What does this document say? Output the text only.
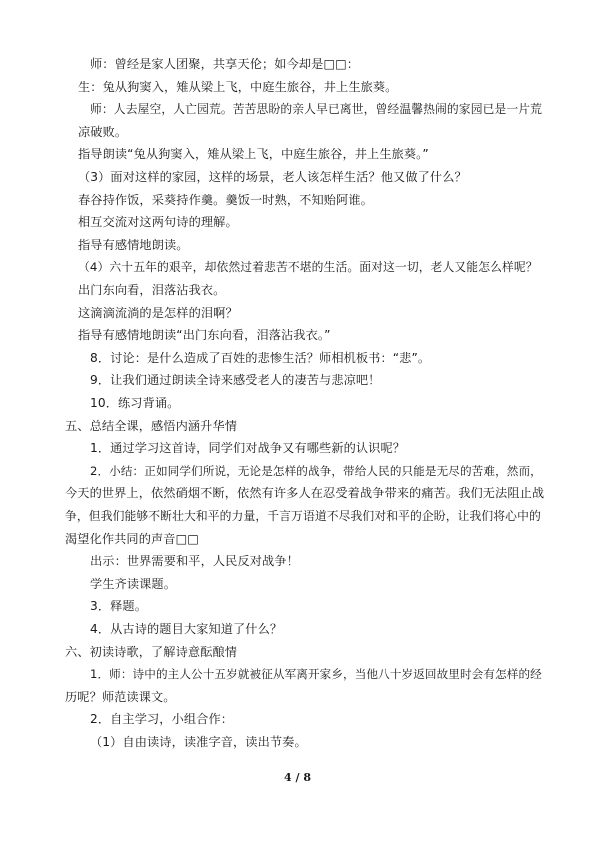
师：曾经是家人团聚，共享天伦；如今却是□□：
生：兔从狗窦入，雉从梁上飞，中庭生旅谷，井上生旅葵。
师：人去屋空，人亡园荒。苦苦思盼的亲人早已离世，曾经温馨热闹的家园已是一片荒
凉破败。
指导朗读“兔从狗窦入，雉从梁上飞，中庭生旅谷，井上生旅葵。”
（3）面对这样的家园，这样的场景，老人该怎样生活？他又做了什么？
春谷持作饭，采葵持作羹。羹饭一时熟，不知贻阿谁。
相互交流对这两句诗的理解。
指导有感情地朗读。
（4）六十五年的艰辛，却依然过着悲苦不堪的生活。面对这一切，老人又能怎么样呢？
出门东向看，泪落沾我衣。
这滴滴流淌的是怎样的泪啊？
指导有感情地朗读“出门东向看，泪落沾我衣。”
8．讨论：是什么造成了百姓的悲惨生活？师相机板书：“悲”。
9．让我们通过朗读全诗来感受老人的凄苦与悲凉吧！
10．练习背诵。
五、总结全课，感悟内涵升华情
1．通过学习这首诗，同学们对战争又有哪些新的认识呢？
2．小结：正如同学们所说，无论是怎样的战争，带给人民的只能是无尽的苦难，然而，
今天的世界上，依然硝烟不断，依然有许多人在忍受着战争带来的痛苦。我们无法阻止战
争，但我们能够不断壮大和平的力量，千言万语道不尽我们对和平的企盼，让我们将心中的
渴望化作共同的声音□□
出示：世界需要和平，人民反对战争！
学生齐读课题。
3．释题。
4．从古诗的题目大家知道了什么？
六、初读诗歌，了解诗意酝酿情
1．师：诗中的主人公十五岁就被征从军离开家乡，当他八十岁返回故里时会有怎样的经
历呢？师范读课文。
2．自主学习，小组合作：
（1）自由读诗，读准字音，读出节奏。
4 / 8
